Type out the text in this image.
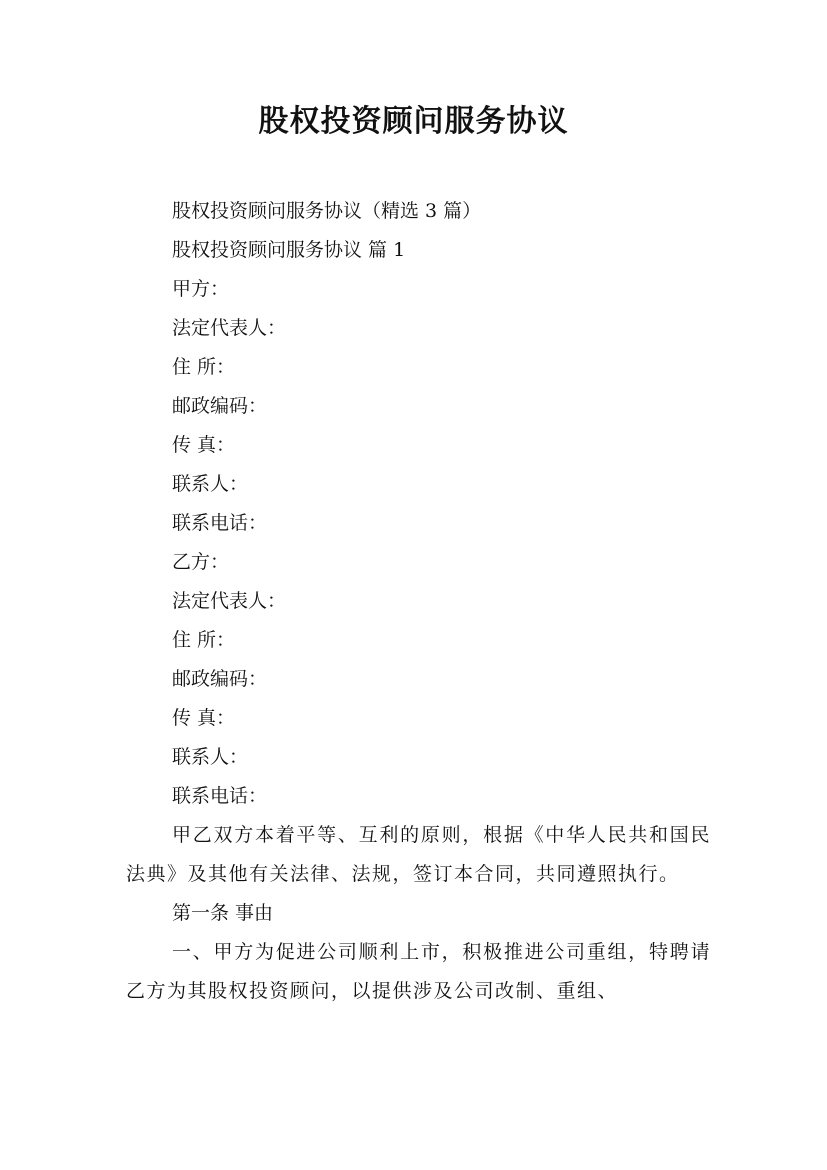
股权投资顾问服务协议

股权投资顾问服务协议（精选 3 篇）

股权投资顾问服务协议 篇 1

甲方：

法定代表人：

住 所：

邮政编码：

传 真：

联系人：

联系电话：

乙方：

法定代表人：

住 所：

邮政编码：

传 真：

联系人：

联系电话：

甲乙双方本着平等、互利的原则，根据《中华人民共和国民法典》及其他有关法律、法规，签订本合同，共同遵照执行。

第一条 事由

一、甲方为促进公司顺利上市，积极推进公司重组，特聘请乙方为其股权投资顾问，以提供涉及公司改制、重组、
